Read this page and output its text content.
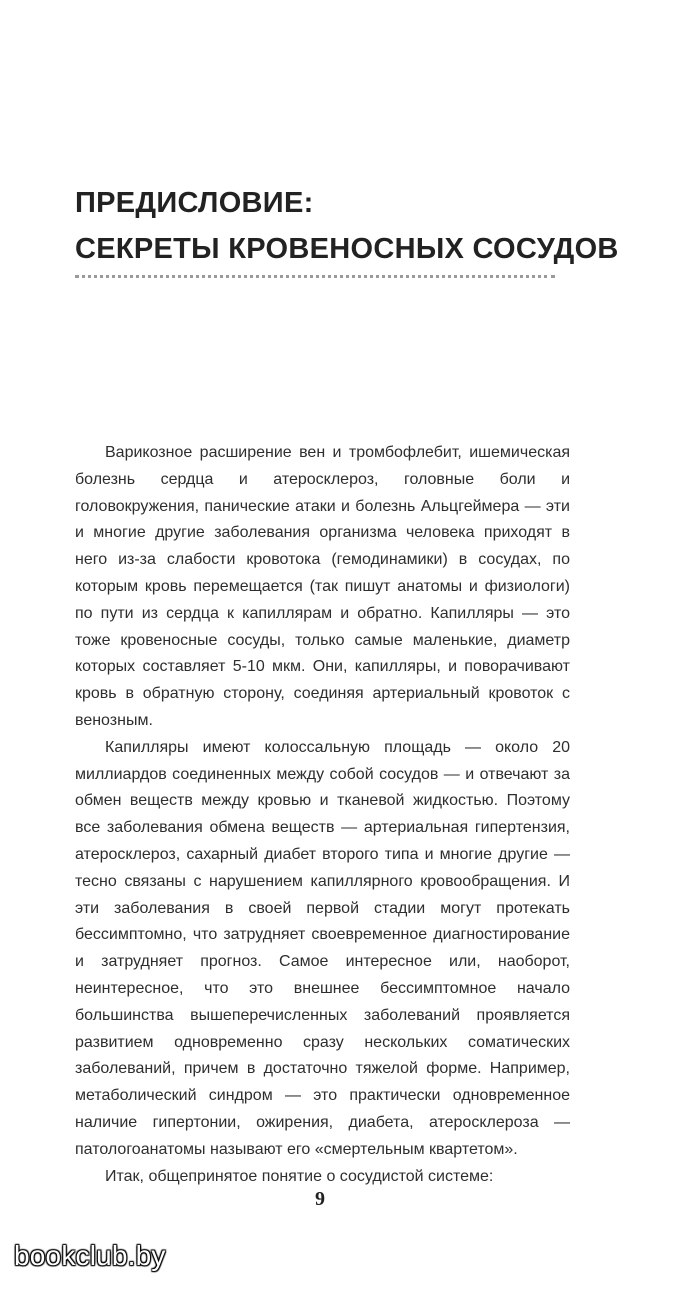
ПРЕДИСЛОВИЕ:
СЕКРЕТЫ КРОВЕНОСНЫХ СОСУДОВ

Варикозное расширение вен и тромбофлебит, ишемическая болезнь сердца и атеросклероз, головные боли и головокружения, панические атаки и болезнь Альцгеймера — эти и многие другие заболевания организма человека приходят в него из-за слабости кровотока (гемодинамики) в сосудах, по которым кровь перемещается (так пишут анатомы и физиологи) по пути из сердца к капиллярам и обратно. Капилляры — это тоже кровеносные сосуды, только самые маленькие, диаметр которых составляет 5-10 мкм. Они, капилляры, и поворачивают кровь в обратную сторону, соединяя артериальный кровоток с венозным.

Капилляры имеют колоссальную площадь — около 20 миллиардов соединенных между собой сосудов — и отвечают за обмен веществ между кровью и тканевой жидкостью. Поэтому все заболевания обмена веществ — артериальная гипертензия, атеросклероз, сахарный диабет второго типа и многие другие — тесно связаны с нарушением капиллярного кровообращения. И эти заболевания в своей первой стадии могут протекать бессимптомно, что затрудняет своевременное диагностирование и затрудняет прогноз. Самое интересное или, наоборот, неинтересное, что это внешнее бессимптомное начало большинства вышеперечисленных заболеваний проявляется развитием одновременно сразу нескольких соматических заболеваний, причем в достаточно тяжелой форме. Например, метаболический синдром — это практически одновременное наличие гипертонии, ожирения, диабета, атеросклероза — патологоанатомы называют его «смертельным квартетом».

Итак, общепринятое понятие о сосудистой системе:

9
bookclub.by
